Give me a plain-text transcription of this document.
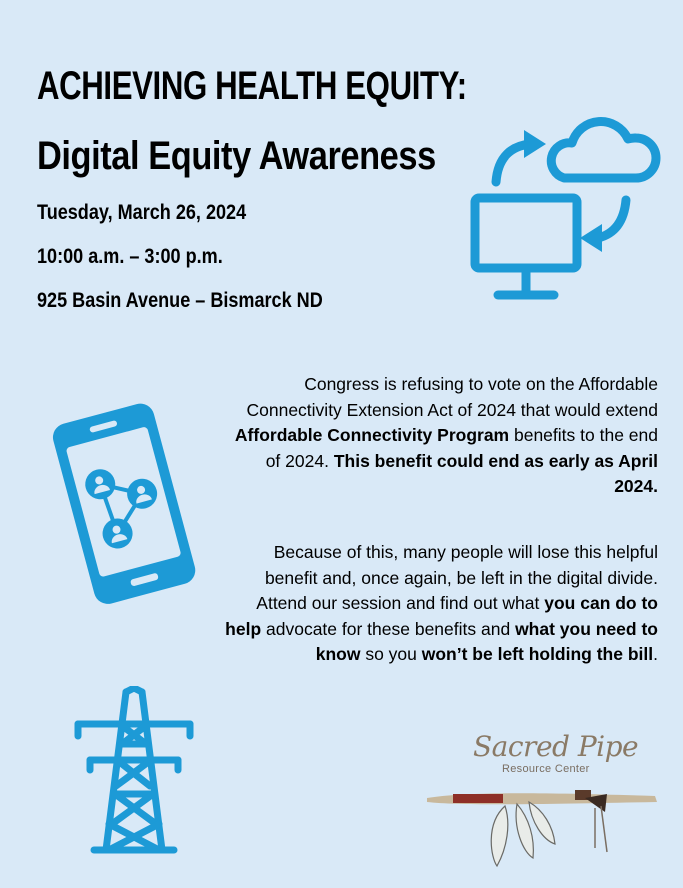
ACHIEVING HEALTH EQUITY:
Digital Equity Awareness
Tuesday, March 26, 2024
10:00 a.m. – 3:00 p.m.
925 Basin Avenue – Bismarck ND
Congress is refusing to vote on the Affordable Connectivity Extension Act of 2024 that would extend Affordable Connectivity Program benefits to the end of 2024. This benefit could end as early as April 2024.
Because of this, many people will lose this helpful benefit and, once again, be left in the digital divide. Attend our session and find out what you can do to help advocate for these benefits and what you need to know so you won’t be left holding the bill.
Sacred Pipe
Resource Center
